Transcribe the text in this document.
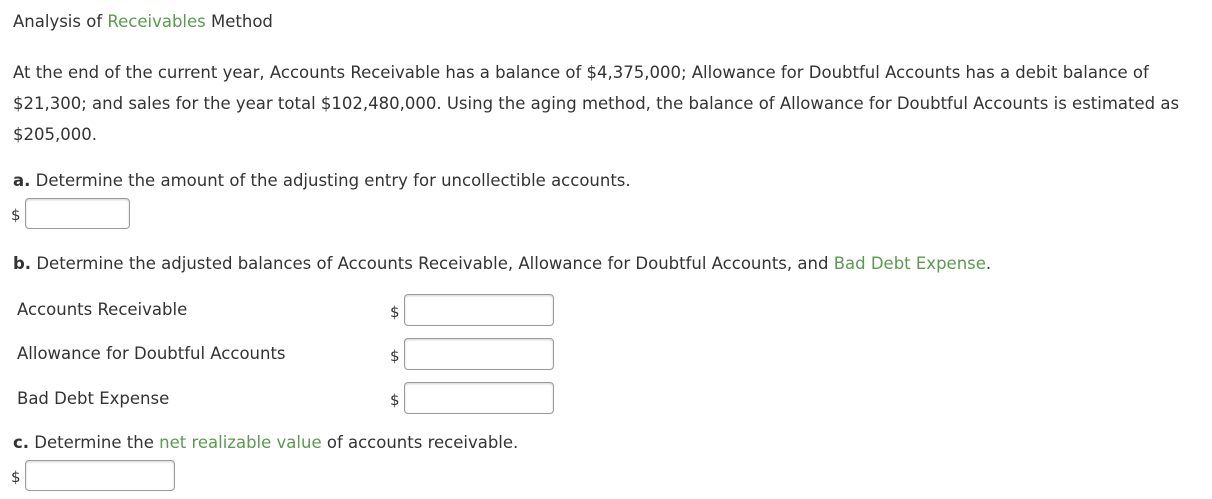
Analysis of Receivables Method
At the end of the current year, Accounts Receivable has a balance of $4,375,000; Allowance for Doubtful Accounts has a debit balance of $21,300; and sales for the year total $102,480,000. Using the aging method, the balance of Allowance for Doubtful Accounts is estimated as $205,000.
a. Determine the amount of the adjusting entry for uncollectible accounts.
$
b. Determine the adjusted balances of Accounts Receivable, Allowance for Doubtful Accounts, and Bad Debt Expense.
Accounts Receivable	$
Allowance for Doubtful Accounts	$
Bad Debt Expense	$
c. Determine the net realizable value of accounts receivable.
$
